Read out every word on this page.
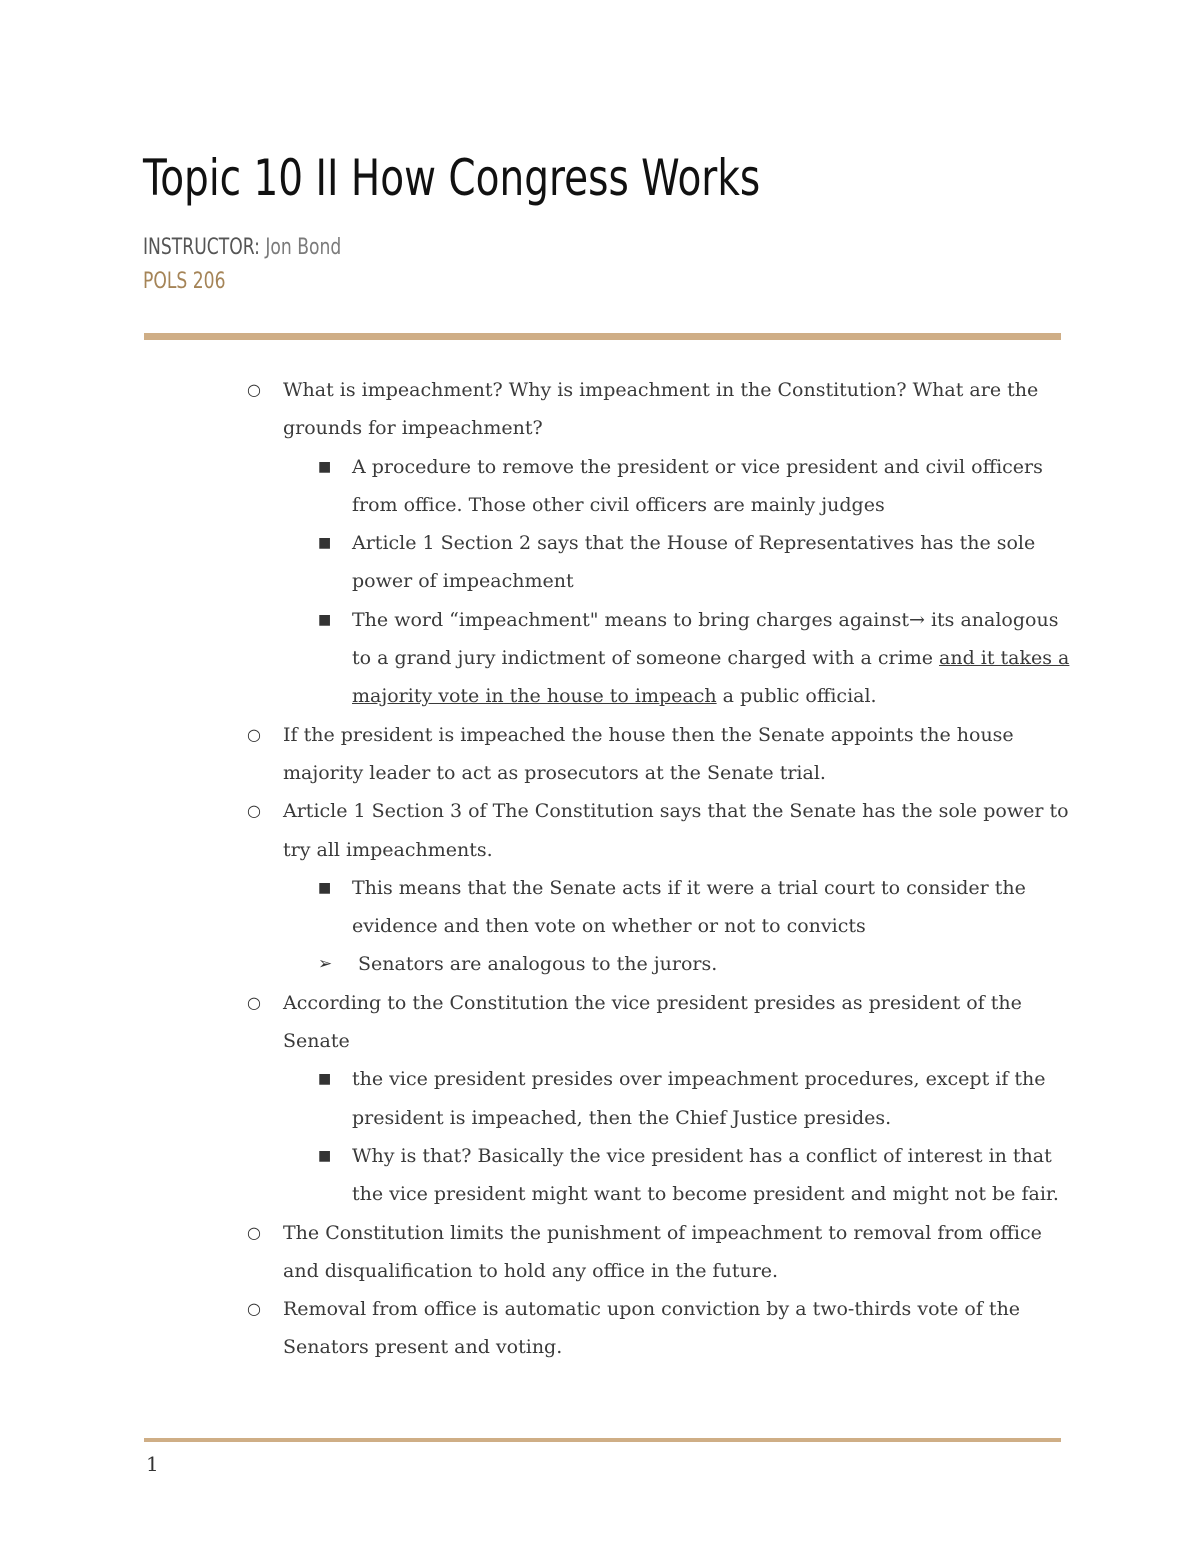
Topic 10 II How Congress Works
INSTRUCTOR: Jon Bond
POLS 206

○ What is impeachment? Why is impeachment in the Constitution? What are the grounds for impeachment?

■ A procedure to remove the president or vice president and civil officers from office. Those other civil officers are mainly judges

■ Article 1 Section 2 says that the House of Representatives has the sole power of impeachment

■ The word “impeachment" means to bring charges against→ its analogous to a grand jury indictment of someone charged with a crime and it takes a majority vote in the house to impeach a public official.

○ If the president is impeached the house then the Senate appoints the house majority leader to act as prosecutors at the Senate trial.

○ Article 1 Section 3 of The Constitution says that the Senate has the sole power to try all impeachments.

■ This means that the Senate acts if it were a trial court to consider the evidence and then vote on whether or not to convicts

➢ Senators are analogous to the jurors.

○ According to the Constitution the vice president presides as president of the Senate

■ the vice president presides over impeachment procedures, except if the president is impeached, then the Chief Justice presides.

■ Why is that? Basically the vice president has a conflict of interest in that the vice president might want to become president and might not be fair.

○ The Constitution limits the punishment of impeachment to removal from office and disqualification to hold any office in the future.

○ Removal from office is automatic upon conviction by a two-thirds vote of the Senators present and voting.

1
